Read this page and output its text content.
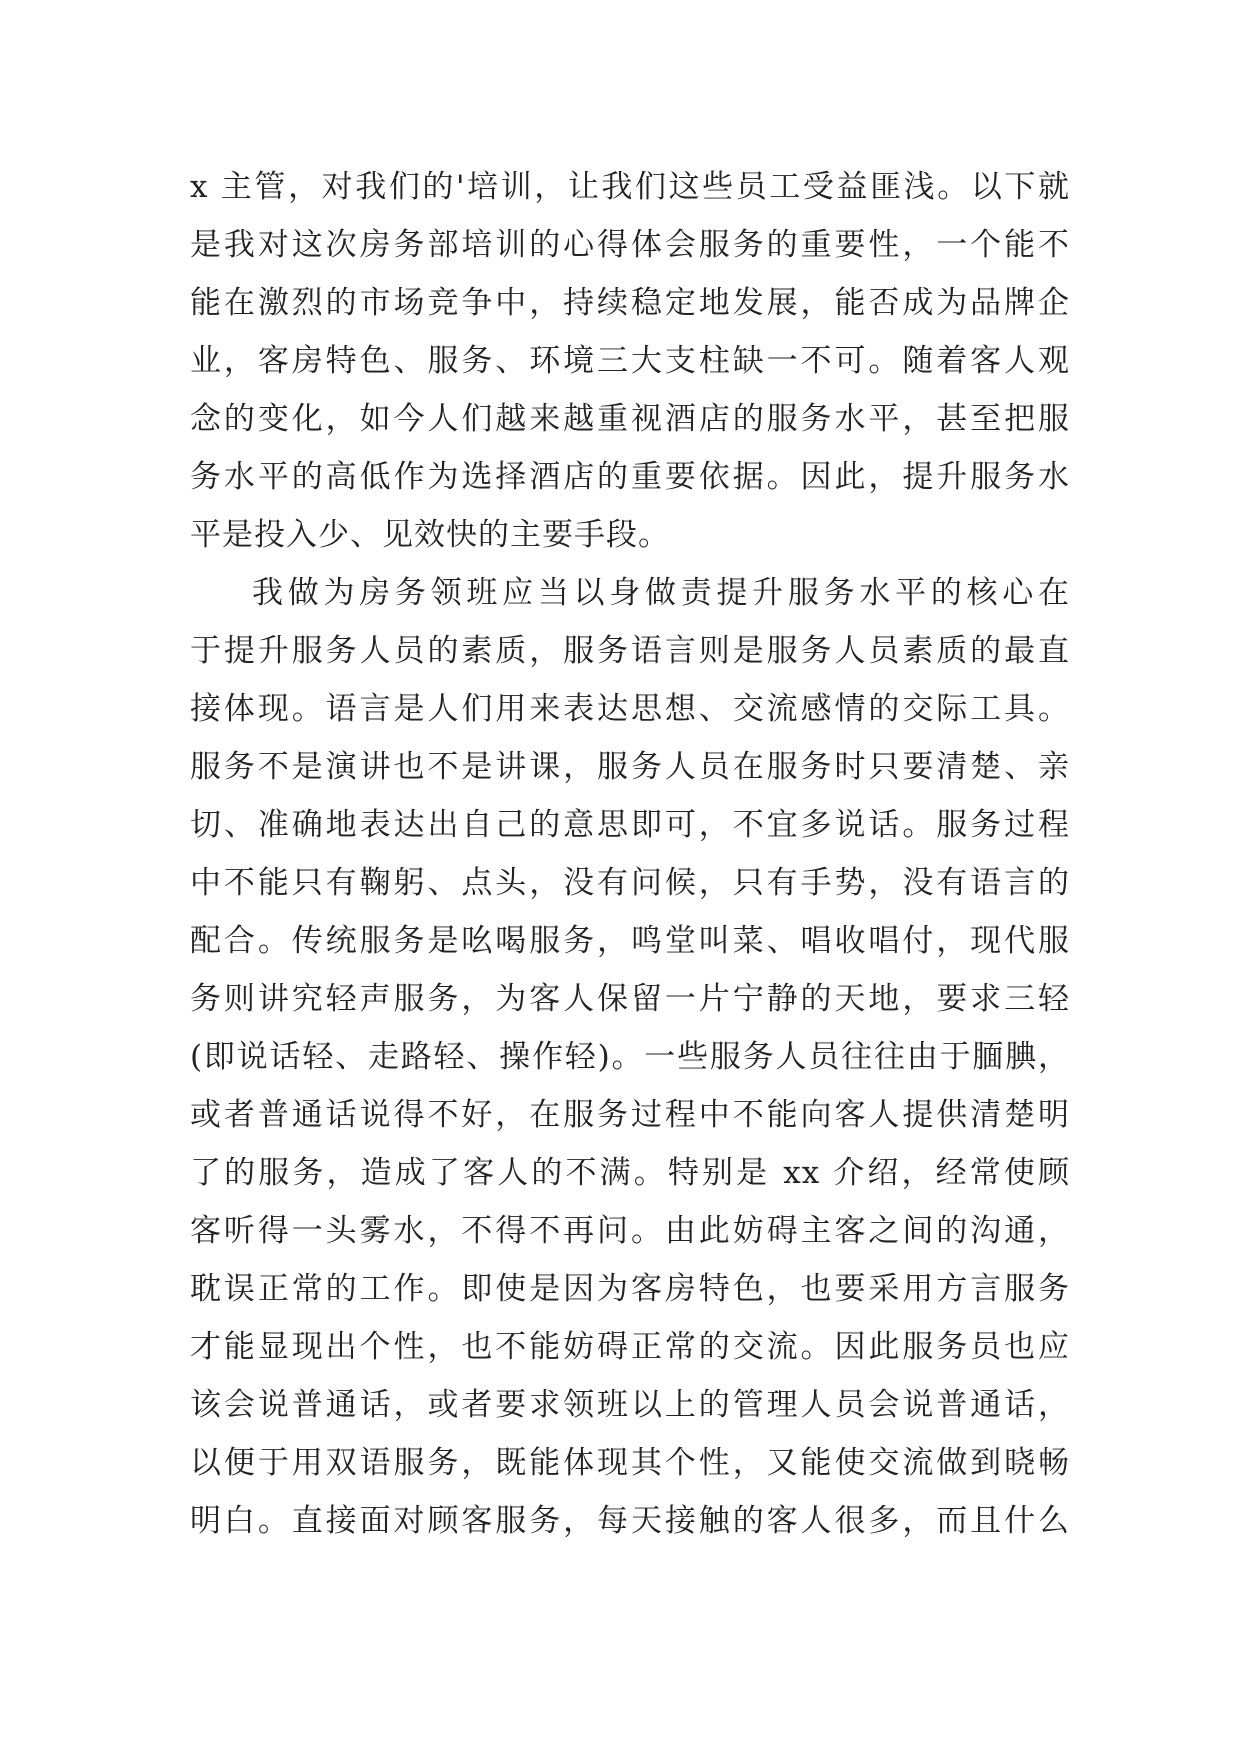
x 主管，对我们的'培训，让我们这些员工受益匪浅。以下就
是我对这次房务部培训的心得体会服务的重要性，一个能不
能在激烈的市场竞争中，持续稳定地发展，能否成为品牌企
业，客房特色、服务、环境三大支柱缺一不可。随着客人观
念的变化，如今人们越来越重视酒店的服务水平，甚至把服
务水平的高低作为选择酒店的重要依据。因此，提升服务水
平是投入少、见效快的主要手段。
我做为房务领班应当以身做责提升服务水平的核心在
于提升服务人员的素质，服务语言则是服务人员素质的最直
接体现。语言是人们用来表达思想、交流感情的交际工具。
服务不是演讲也不是讲课，服务人员在服务时只要清楚、亲
切、准确地表达出自己的意思即可，不宜多说话。服务过程
中不能只有鞠躬、点头，没有问候，只有手势，没有语言的
配合。传统服务是吆喝服务，鸣堂叫菜、唱收唱付，现代服
务则讲究轻声服务，为客人保留一片宁静的天地，要求三轻
(即说话轻、走路轻、操作轻)。一些服务人员往往由于腼腆，
或者普通话说得不好，在服务过程中不能向客人提供清楚明
了的服务，造成了客人的不满。特别是 xx 介绍，经常使顾
客听得一头雾水，不得不再问。由此妨碍主客之间的沟通，
耽误正常的工作。即使是因为客房特色，也要采用方言服务
才能显现出个性，也不能妨碍正常的交流。因此服务员也应
该会说普通话，或者要求领班以上的管理人员会说普通话，
以便于用双语服务，既能体现其个性，又能使交流做到晓畅
明白。直接面对顾客服务，每天接触的客人很多，而且什么
